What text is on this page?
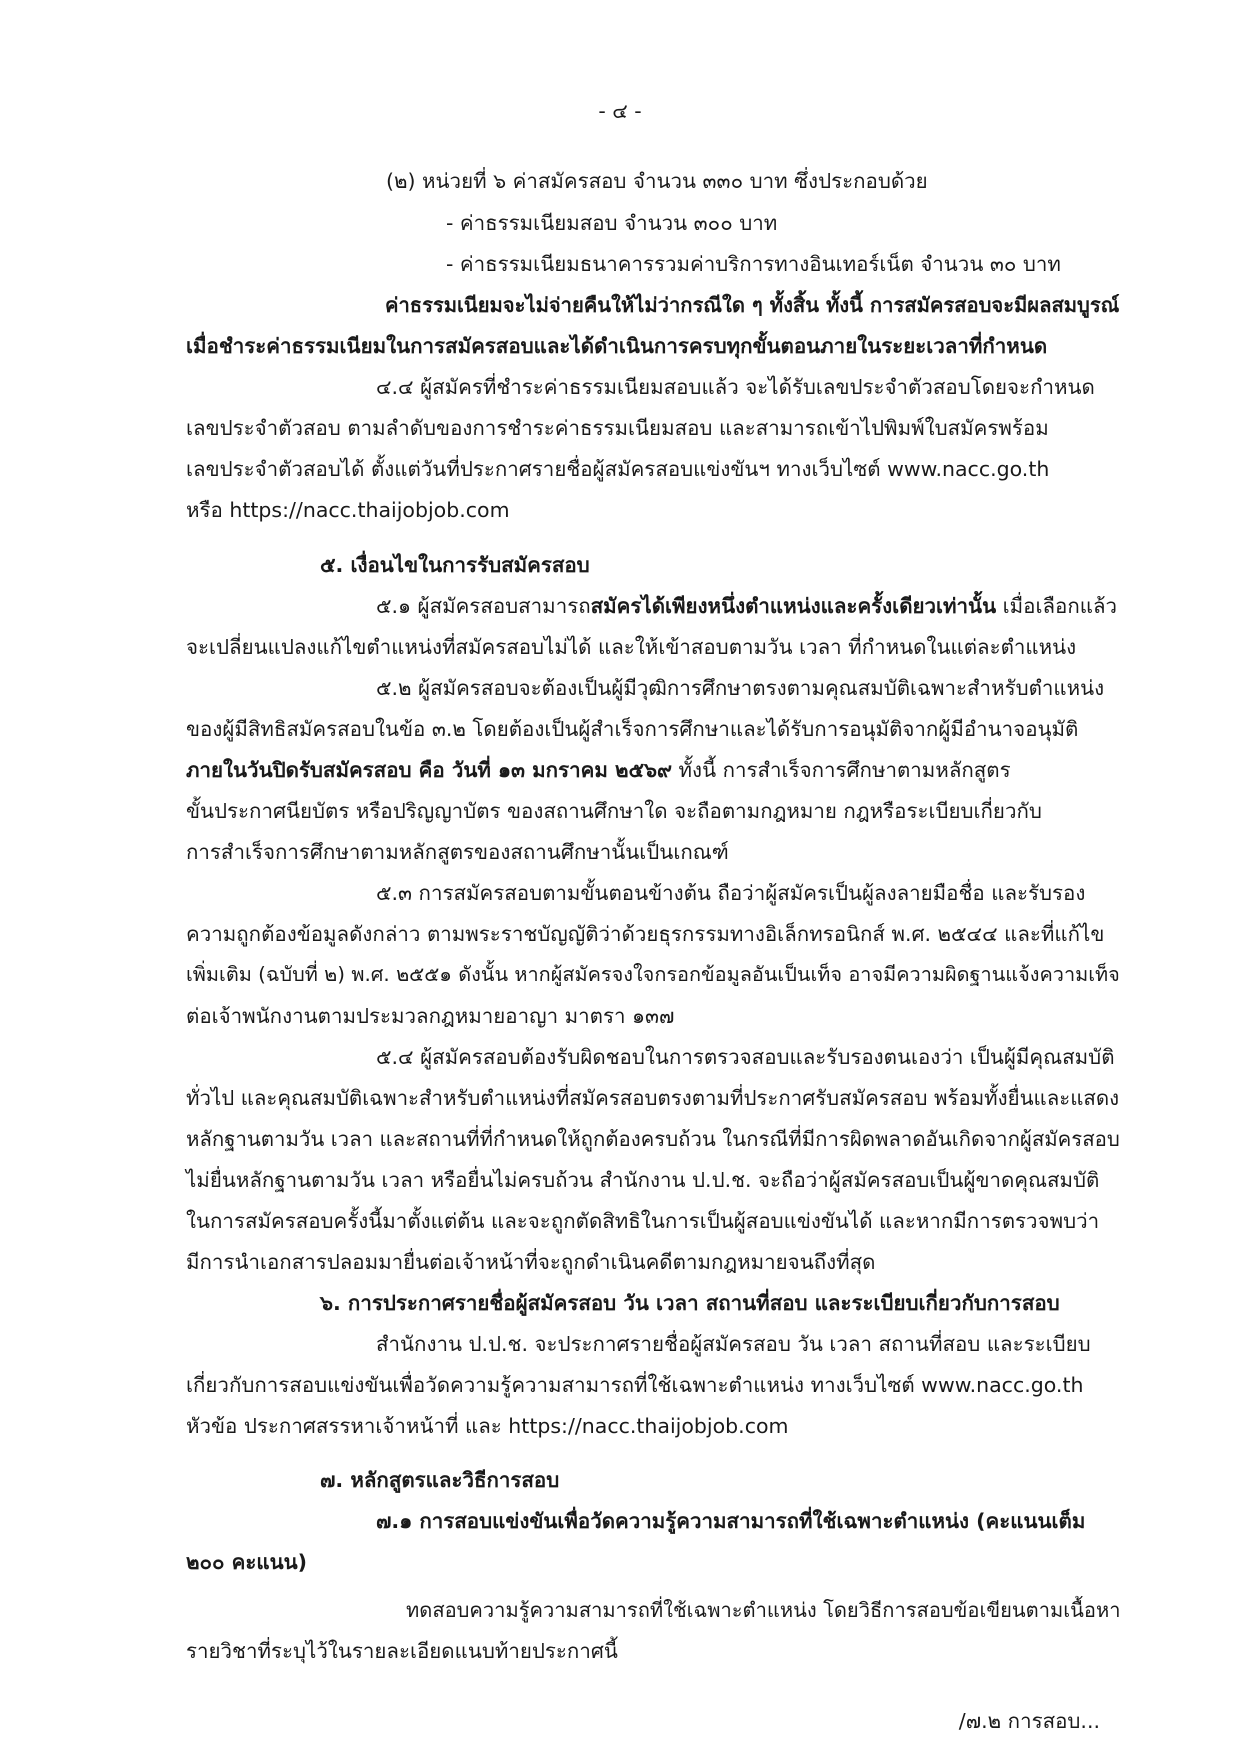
- ๔ -
(๒) หน่วยที่ ๖ ค่าสมัครสอบ จำนวน ๓๓๐ บาท ซึ่งประกอบด้วย
- ค่าธรรมเนียมสอบ จำนวน ๓๐๐ บาท
- ค่าธรรมเนียมธนาคารรวมค่าบริการทางอินเทอร์เน็ต จำนวน ๓๐ บาท
ค่าธรรมเนียมจะไม่จ่ายคืนให้ไม่ว่ากรณีใด ๆ ทั้งสิ้น ทั้งนี้ การสมัครสอบจะมีผลสมบูรณ์
เมื่อชำระค่าธรรมเนียมในการสมัครสอบและได้ดำเนินการครบทุกขั้นตอนภายในระยะเวลาที่กำหนด
๔.๔ ผู้สมัครที่ชำระค่าธรรมเนียมสอบแล้ว จะได้รับเลขประจำตัวสอบโดยจะกำหนด
เลขประจำตัวสอบ ตามลำดับของการชำระค่าธรรมเนียมสอบ และสามารถเข้าไปพิมพ์ใบสมัครพร้อม
เลขประจำตัวสอบได้ ตั้งแต่วันที่ประกาศรายชื่อผู้สมัครสอบแข่งขันฯ ทางเว็บไซต์ www.nacc.go.th
หรือ https://nacc.thaijobjob.com
๕. เงื่อนไขในการรับสมัครสอบ
๕.๑ ผู้สมัครสอบสามารถสมัครได้เพียงหนึ่งตำแหน่งและครั้งเดียวเท่านั้น เมื่อเลือกแล้ว
จะเปลี่ยนแปลงแก้ไขตำแหน่งที่สมัครสอบไม่ได้ และให้เข้าสอบตามวัน เวลา ที่กำหนดในแต่ละตำแหน่ง
๕.๒ ผู้สมัครสอบจะต้องเป็นผู้มีวุฒิการศึกษาตรงตามคุณสมบัติเฉพาะสำหรับตำแหน่ง
ของผู้มีสิทธิสมัครสอบในข้อ ๓.๒ โดยต้องเป็นผู้สำเร็จการศึกษาและได้รับการอนุมัติจากผู้มีอำนาจอนุมัติ
ภายในวันปิดรับสมัครสอบ คือ วันที่ ๑๓ มกราคม ๒๕๖๙ ทั้งนี้ การสำเร็จการศึกษาตามหลักสูตร
ขั้นประกาศนียบัตร หรือปริญญาบัตร ของสถานศึกษาใด จะถือตามกฎหมาย กฎหรือระเบียบเกี่ยวกับ
การสำเร็จการศึกษาตามหลักสูตรของสถานศึกษานั้นเป็นเกณฑ์
๕.๓ การสมัครสอบตามขั้นตอนข้างต้น ถือว่าผู้สมัครเป็นผู้ลงลายมือชื่อ และรับรอง
ความถูกต้องข้อมูลดังกล่าว ตามพระราชบัญญัติว่าด้วยธุรกรรมทางอิเล็กทรอนิกส์ พ.ศ. ๒๕๔๔ และที่แก้ไข
เพิ่มเติม (ฉบับที่ ๒) พ.ศ. ๒๕๕๑ ดังนั้น หากผู้สมัครจงใจกรอกข้อมูลอันเป็นเท็จ อาจมีความผิดฐานแจ้งความเท็จ
ต่อเจ้าพนักงานตามประมวลกฎหมายอาญา มาตรา ๑๓๗
๕.๔ ผู้สมัครสอบต้องรับผิดชอบในการตรวจสอบและรับรองตนเองว่า เป็นผู้มีคุณสมบัติ
ทั่วไป และคุณสมบัติเฉพาะสำหรับตำแหน่งที่สมัครสอบตรงตามที่ประกาศรับสมัครสอบ พร้อมทั้งยื่นและแสดง
หลักฐานตามวัน เวลา และสถานที่ที่กำหนดให้ถูกต้องครบถ้วน ในกรณีที่มีการผิดพลาดอันเกิดจากผู้สมัครสอบ
ไม่ยื่นหลักฐานตามวัน เวลา หรือยื่นไม่ครบถ้วน สำนักงาน ป.ป.ช. จะถือว่าผู้สมัครสอบเป็นผู้ขาดคุณสมบัติ
ในการสมัครสอบครั้งนี้มาตั้งแต่ต้น และจะถูกตัดสิทธิในการเป็นผู้สอบแข่งขันได้ และหากมีการตรวจพบว่า
มีการนำเอกสารปลอมมายื่นต่อเจ้าหน้าที่จะถูกดำเนินคดีตามกฎหมายจนถึงที่สุด
๖. การประกาศรายชื่อผู้สมัครสอบ วัน เวลา สถานที่สอบ และระเบียบเกี่ยวกับการสอบ
สำนักงาน ป.ป.ช. จะประกาศรายชื่อผู้สมัครสอบ วัน เวลา สถานที่สอบ และระเบียบ
เกี่ยวกับการสอบแข่งขันเพื่อวัดความรู้ความสามารถที่ใช้เฉพาะตำแหน่ง ทางเว็บไซต์ www.nacc.go.th
หัวข้อ ประกาศสรรหาเจ้าหน้าที่ และ https://nacc.thaijobjob.com
๗. หลักสูตรและวิธีการสอบ
๗.๑ การสอบแข่งขันเพื่อวัดความรู้ความสามารถที่ใช้เฉพาะตำแหน่ง (คะแนนเต็ม
๒๐๐ คะแนน)
ทดสอบความรู้ความสามารถที่ใช้เฉพาะตำแหน่ง โดยวิธีการสอบข้อเขียนตามเนื้อหา
รายวิชาที่ระบุไว้ในรายละเอียดแนบท้ายประกาศนี้
/๗.๒ การสอบ...
